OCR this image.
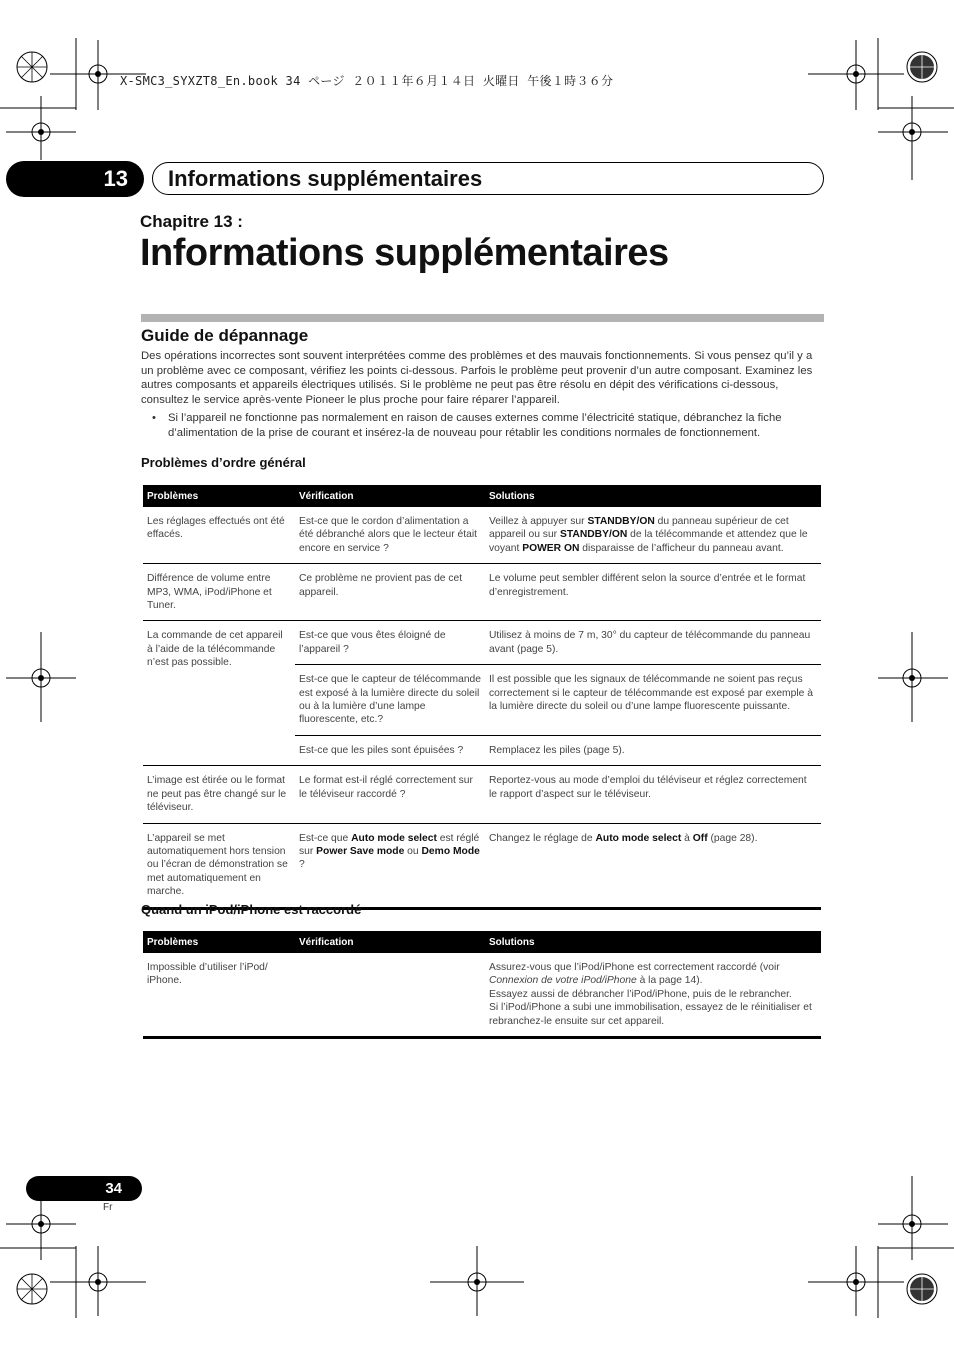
X-SMC3_SYXZT8_En.book 34 ページ ２０１１年６月１４日 火曜日 午後１時３６分
13	Informations supplémentaires
Chapitre 13 :
Informations supplémentaires
Guide de dépannage
Des opérations incorrectes sont souvent interprétées comme des problèmes et des mauvais fonctionnements. Si vous pensez qu’il y a un problème avec ce composant, vérifiez les points ci-dessous. Parfois le problème peut provenir d’un autre composant. Examinez les autres composants et appareils électriques utilisés. Si le problème ne peut pas être résolu en dépit des vérifications ci-dessous, consultez le service après-vente Pioneer le plus proche pour faire réparer l’appareil.
• Si l’appareil ne fonctionne pas normalement en raison de causes externes comme l’électricité statique, débranchez la fiche d’alimentation de la prise de courant et insérez-la de nouveau pour rétablir les conditions normales de fonctionnement.
Problèmes d’ordre général
Problèmes	Vérification	Solutions
Les réglages effectués ont été effacés.	Est-ce que le cordon d’alimentation a été débranché alors que le lecteur était encore en service ?	Veillez à appuyer sur STANDBY/ON du panneau supérieur de cet appareil ou sur STANDBY/ON de la télécommande et attendez que le voyant POWER ON disparaisse de l’afficheur du panneau avant.
Différence de volume entre MP3, WMA, iPod/iPhone et Tuner.	Ce problème ne provient pas de cet appareil.	Le volume peut sembler différent selon la source d’entrée et le format d’enregistrement.
La commande de cet appareil à l’aide de la télécommande n’est pas possible.	Est-ce que vous êtes éloigné de l’appareil ?	Utilisez à moins de 7 m, 30° du capteur de télécommande du panneau avant (page 5).
	Est-ce que le capteur de télécommande est exposé à la lumière directe du soleil ou à la lumière d’une lampe fluorescente, etc.?	Il est possible que les signaux de télécommande ne soient pas reçus correctement si le capteur de télécommande est exposé par exemple à la lumière directe du soleil ou d’une lampe fluorescente puissante.
	Est-ce que les piles sont épuisées ?	Remplacez les piles (page 5).
L’image est étirée ou le format ne peut pas être changé sur le téléviseur.	Le format est-il réglé correctement sur le téléviseur raccordé ?	Reportez-vous au mode d’emploi du téléviseur et réglez correctement le rapport d’aspect sur le téléviseur.
L’appareil se met automatiquement hors tension ou l’écran de démonstration se met automatiquement en marche.	Est-ce que Auto mode select est réglé sur Power Save mode ou Demo Mode ?	Changez le réglage de Auto mode select à Off (page 28).
Quand un iPod/iPhone est raccordé
Problèmes	Vérification	Solutions
Impossible d’utiliser l’iPod/ iPhone.		Assurez-vous que l’iPod/iPhone est correctement raccordé (voir Connexion de votre iPod/iPhone à la page 14).
Essayez aussi de débrancher l’iPod/iPhone, puis de le rebrancher.
Si l’iPod/iPhone a subi une immobilisation, essayez de le réinitialiser et rebranchez-le ensuite sur cet appareil.
34
Fr
